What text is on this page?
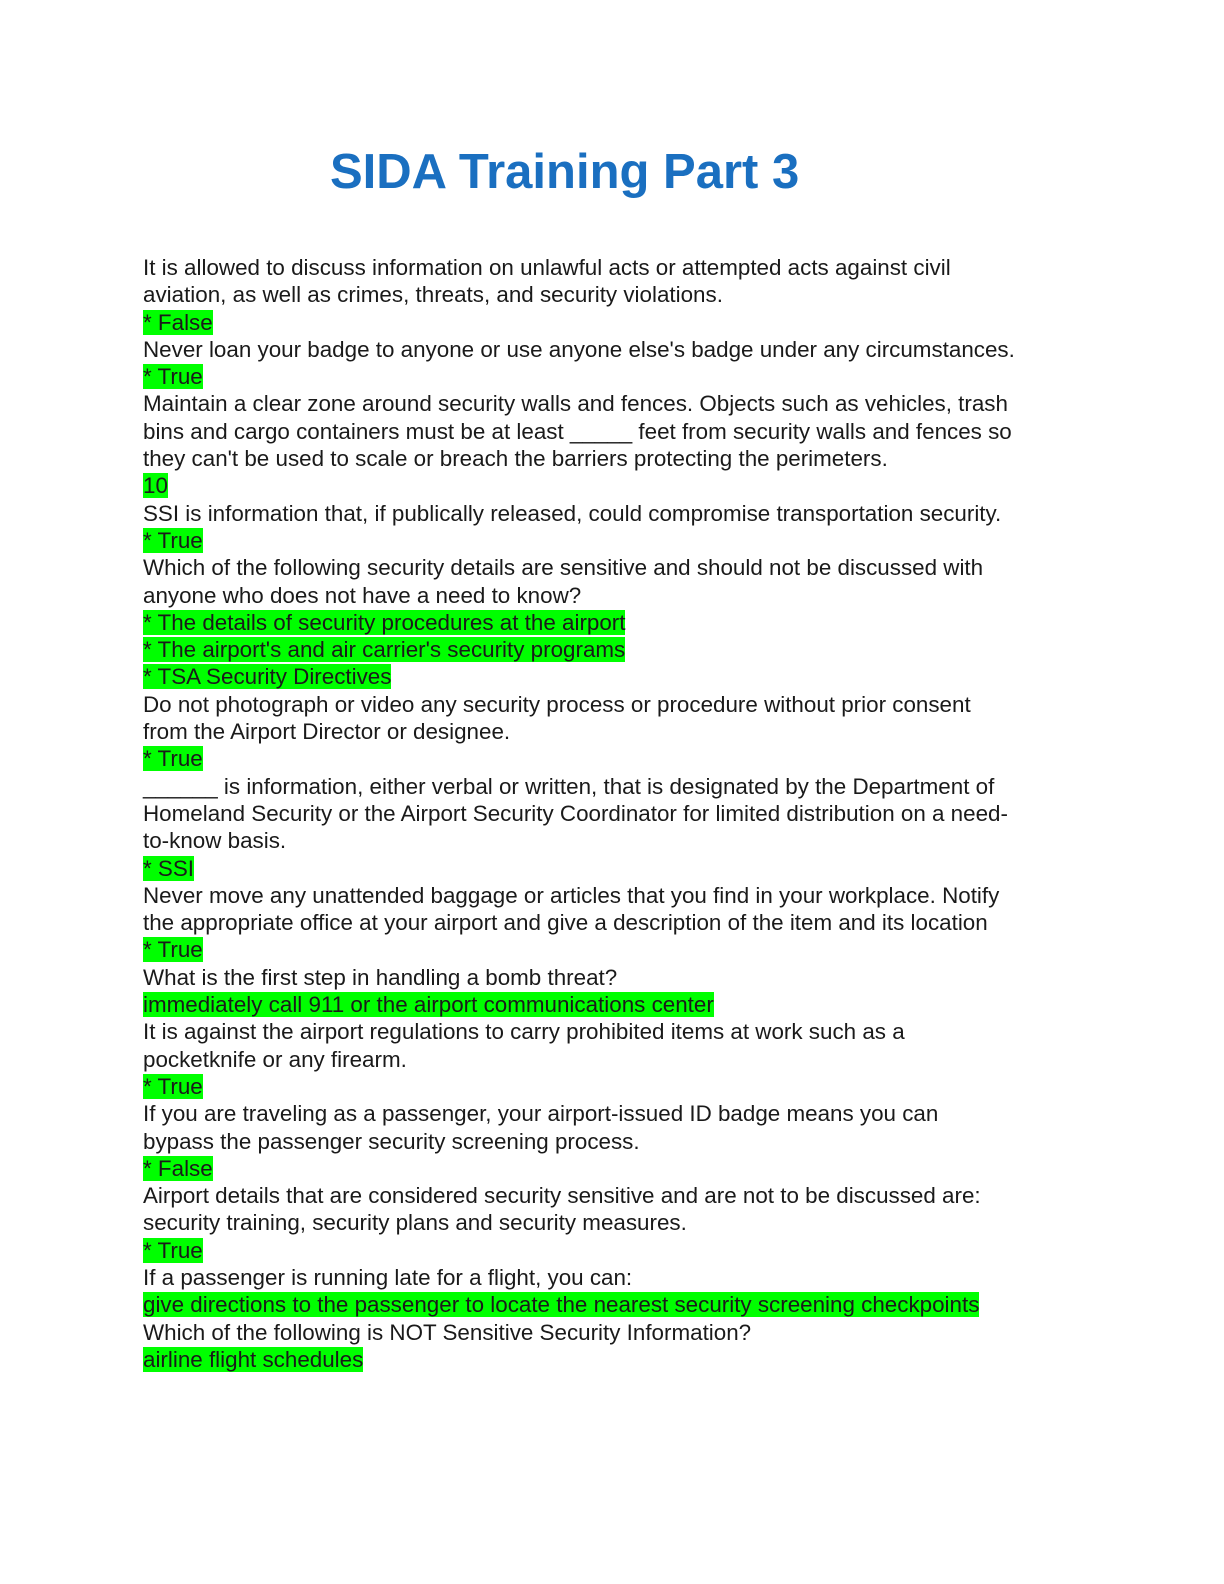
SIDA Training Part 3

It is allowed to discuss information on unlawful acts or attempted acts against civil
aviation, as well as crimes, threats, and security violations.

* False

Never loan your badge to anyone or use anyone else's badge under any circumstances.

* True

Maintain a clear zone around security walls and fences. Objects such as vehicles, trash
bins and cargo containers must be at least _____ feet from security walls and fences so
they can't be used to scale or breach the barriers protecting the perimeters.

10

SSI is information that, if publically released, could compromise transportation security.

* True

Which of the following security details are sensitive and should not be discussed with
anyone who does not have a need to know?

* The details of security procedures at the airport

* The airport's and air carrier's security programs

* TSA Security Directives

Do not photograph or video any security process or procedure without prior consent
from the Airport Director or designee.

* True

______ is information, either verbal or written, that is designated by the Department of
Homeland Security or the Airport Security Coordinator for limited distribution on a need-
to-know basis.

* SSI

Never move any unattended baggage or articles that you find in your workplace. Notify
the appropriate office at your airport and give a description of the item and its location

* True

What is the first step in handling a bomb threat?

immediately call 911 or the airport communications center

It is against the airport regulations to carry prohibited items at work such as a
pocketknife or any firearm.

* True

If you are traveling as a passenger, your airport-issued ID badge means you can
bypass the passenger security screening process.

* False

Airport details that are considered security sensitive and are not to be discussed are:
security training, security plans and security measures.

* True

If a passenger is running late for a flight, you can:

give directions to the passenger to locate the nearest security screening checkpoints

Which of the following is NOT Sensitive Security Information?

airline flight schedules
